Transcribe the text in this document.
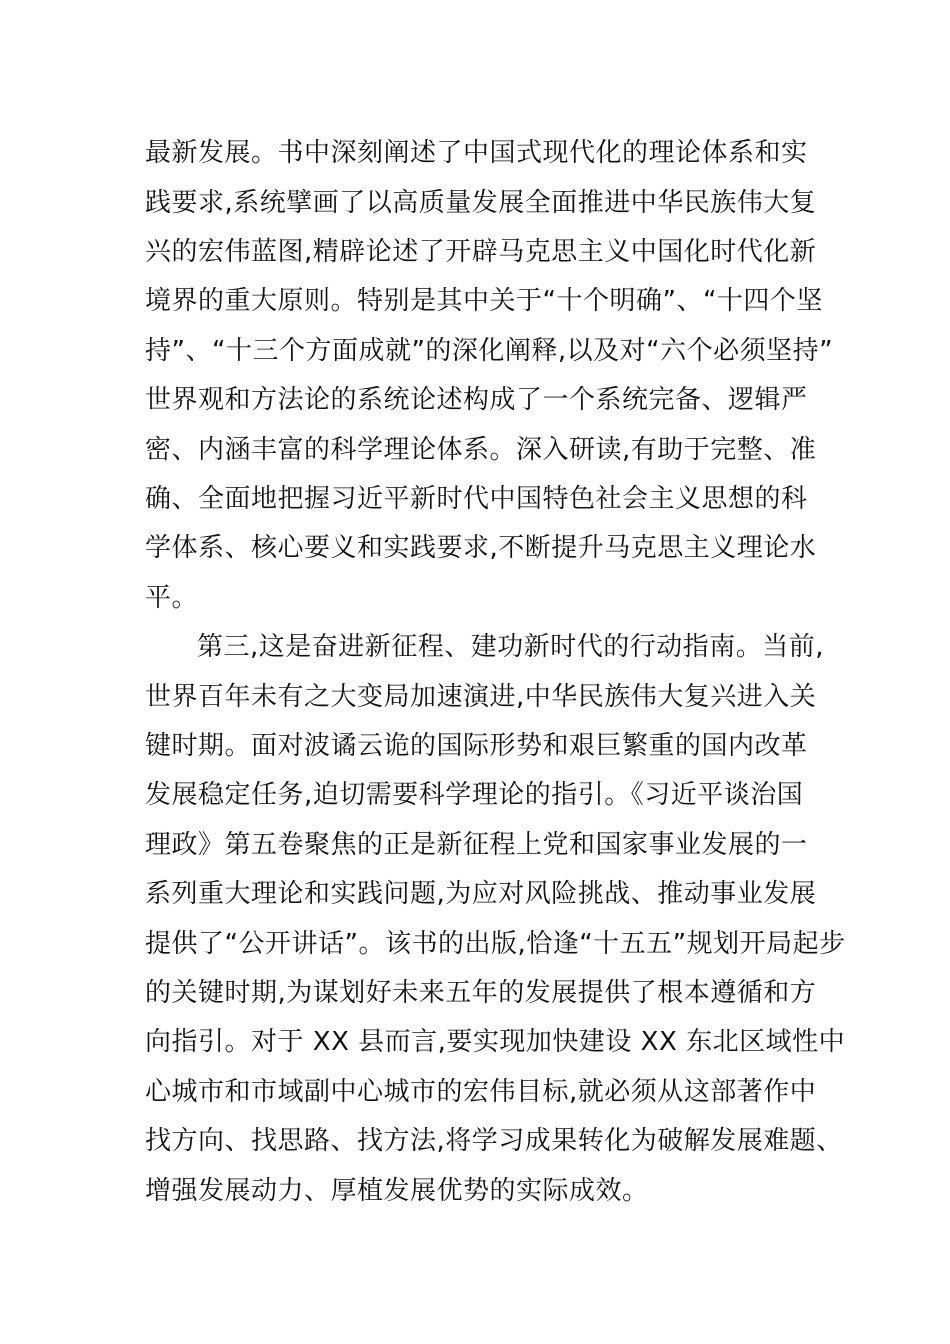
最新发展。书中深刻阐述了中国式现代化的理论体系和实
践要求,系统擘画了以高质量发展全面推进中华民族伟大复
兴的宏伟蓝图,精辟论述了开辟马克思主义中国化时代化新
境界的重大原则。特别是其中关于“十个明确”、“十四个坚
持”、“十三个方面成就”的深化阐释,以及对“六个必须坚持”
世界观和方法论的系统论述构成了一个系统完备、逻辑严
密、内涵丰富的科学理论体系。深入研读,有助于完整、准
确、全面地把握习近平新时代中国特色社会主义思想的科
学体系、核心要义和实践要求,不断提升马克思主义理论水
平。
第三,这是奋进新征程、建功新时代的行动指南。当前,
世界百年未有之大变局加速演进,中华民族伟大复兴进入关
键时期。面对波谲云诡的国际形势和艰巨繁重的国内改革
发展稳定任务,迫切需要科学理论的指引。《习近平谈治国
理政》第五卷聚焦的正是新征程上党和国家事业发展的一
系列重大理论和实践问题,为应对风险挑战、推动事业发展
提供了“公开讲话”。该书的出版,恰逢“十五五”规划开局起步
的关键时期,为谋划好未来五年的发展提供了根本遵循和方
向指引。对于 XX 县而言,要实现加快建设 XX 东北区域性中
心城市和市域副中心城市的宏伟目标,就必须从这部著作中
找方向、找思路、找方法,将学习成果转化为破解发展难题、
增强发展动力、厚植发展优势的实际成效。
